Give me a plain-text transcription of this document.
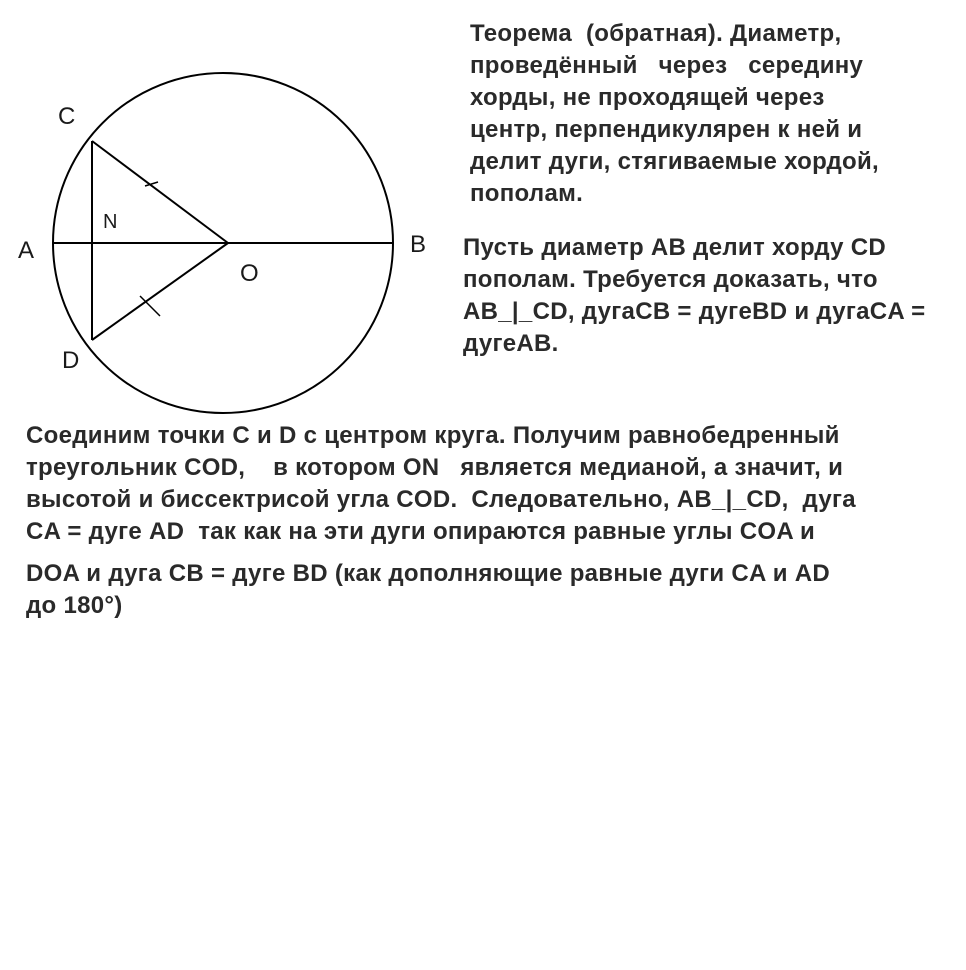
C
A	B
D
O
N
Теорема  (обратная). Диаметр,
проведённый   через   середину
хорды, не проходящей через
центр, перпендикулярен к ней и
делит дуги, стягиваемые хордой,
пополам.
Пусть диаметр AB делит хорду CD
пополам. Требуется доказать, что
AB_|_CD, дугаCB = дугеBD и дугаCA =
дугеAB.
Соединим точки C и D с центром круга. Получим равнобедренный
треугольник COD,    в котором ON   является медианой, а значит, и
высотой и биссектрисой угла COD.  Следовательно, AB_|_CD,  дуга
CA = дуге AD  так как на эти дуги опираются равные углы COA и
DOA и дуга CB = дуге BD (как дополняющие равные дуги CA и AD
до 180°)
